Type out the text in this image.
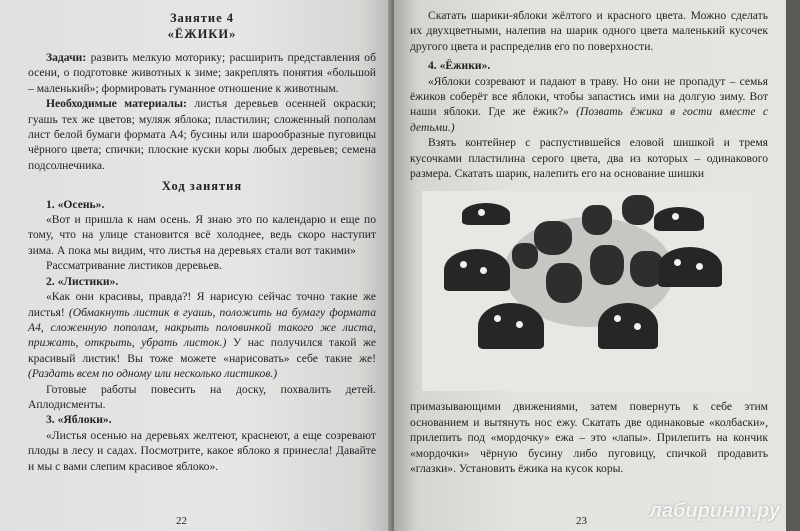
Занятие 4

«ЁЖИКИ»

Задачи: развить мелкую моторику; расширить представления об осени, о подготовке животных к зиме; закреплять понятия «большой – маленький»; формировать гуманное отношение к животным.

Необходимые материалы: листья деревьев осенней окраски; гуашь тех же цветов; муляж яблока; пластилин; сложенный пополам лист белой бумаги формата А4; бусины или шарообразные пуговицы чёрного цвета; спички; плоские куски коры любых деревьев; семена подсолнечника.

Ход занятия

1. «Осень».

«Вот и пришла к нам осень. Я знаю это по календарю и еще по тому, что на улице становится всё холоднее, ведь скоро наступит зима. А пока мы видим, что листья на деревьях стали вот такими»

Рассматривание листиков деревьев.

2. «Листики».

«Как они красивы, правда?! Я нарисую сейчас точно такие же листья! (Обмакнуть листик в гуашь, положить на бумагу формата А4, сложенную пополам, накрыть половинкой такого же листа, прижать, открыть, убрать листок.) У нас получился такой же красивый листик! Вы тоже можете «нарисовать» себе такие же! (Раздать всем по одному или несколько листиков.)

Готовые работы повесить на доску, похвалить детей. Аплодисменты.

3. «Яблоки».

«Листья осенью на деревьях желтеют, краснеют, а еще созревают плоды в лесу и садах. Посмотрите, какое яблоко я принесла! Давайте и мы с вами слепим красивое яблоко».

22

Скатать шарики-яблоки жёлтого и красного цвета. Можно сделать их двухцветными, налепив на шарик одного цвета маленький кусочек другого цвета и распределив его по поверхности.

4. «Ёжики».

«Яблоки созревают и падают в траву. Но они не пропадут – семья ёжиков соберёт все яблоки, чтобы запастись ими на долгую зиму. Вот наши яблоки. Где же ёжик?» (Позвать ёжика в гости вместе с детьми.)

Взять контейнер с распустившейся еловой шишкой и тремя кусочками пластилина серого цвета, два из которых – одинакового размера. Скатать шарик, налепить его на основание шишки

примазывающими движениями, затем повернуть к себе этим основанием и вытянуть нос ежу. Скатать две одинаковые «колбаски», прилепить под «мордочку» ежа – это «лапы». Прилепить на кончик «мордочки» чёрную бусину либо пуговицу, спичкой продавить «глазки». Установить ёжика на кусок коры.

23	лабиринт.ру
